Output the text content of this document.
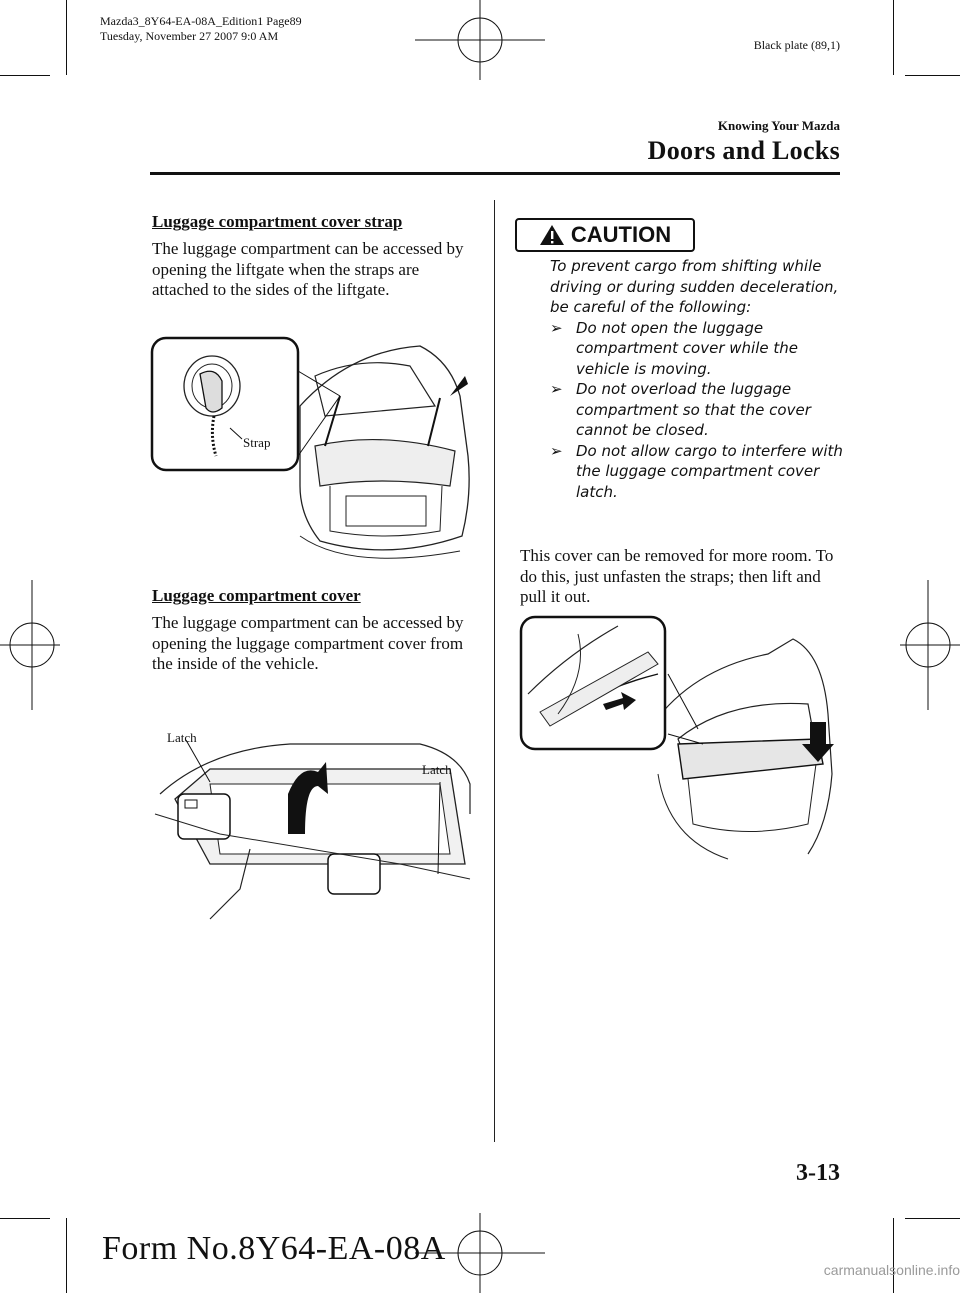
Mazda3_8Y64-EA-08A_Edition1 Page89
Tuesday, November 27 2007 9:0 AM
Black plate (89,1)
Knowing Your Mazda
Doors and Locks
Luggage compartment cover strap
The luggage compartment can be accessed by opening the liftgate when the straps are attached to the sides of the liftgate.
Strap
Luggage compartment cover
The luggage compartment can be accessed by opening the luggage compartment cover from the inside of the vehicle.
Latch
Latch
CAUTION
To prevent cargo from shifting while driving or during sudden deceleration, be careful of the following:
➢ Do not open the luggage compartment cover while the vehicle is moving.
➢ Do not overload the luggage compartment so that the cover cannot be closed.
➢ Do not allow cargo to interfere with the luggage compartment cover latch.
This cover can be removed for more room. To do this, just unfasten the straps; then lift and pull it out.
3-13
Form No.8Y64-EA-08A
carmanualsonline.info
